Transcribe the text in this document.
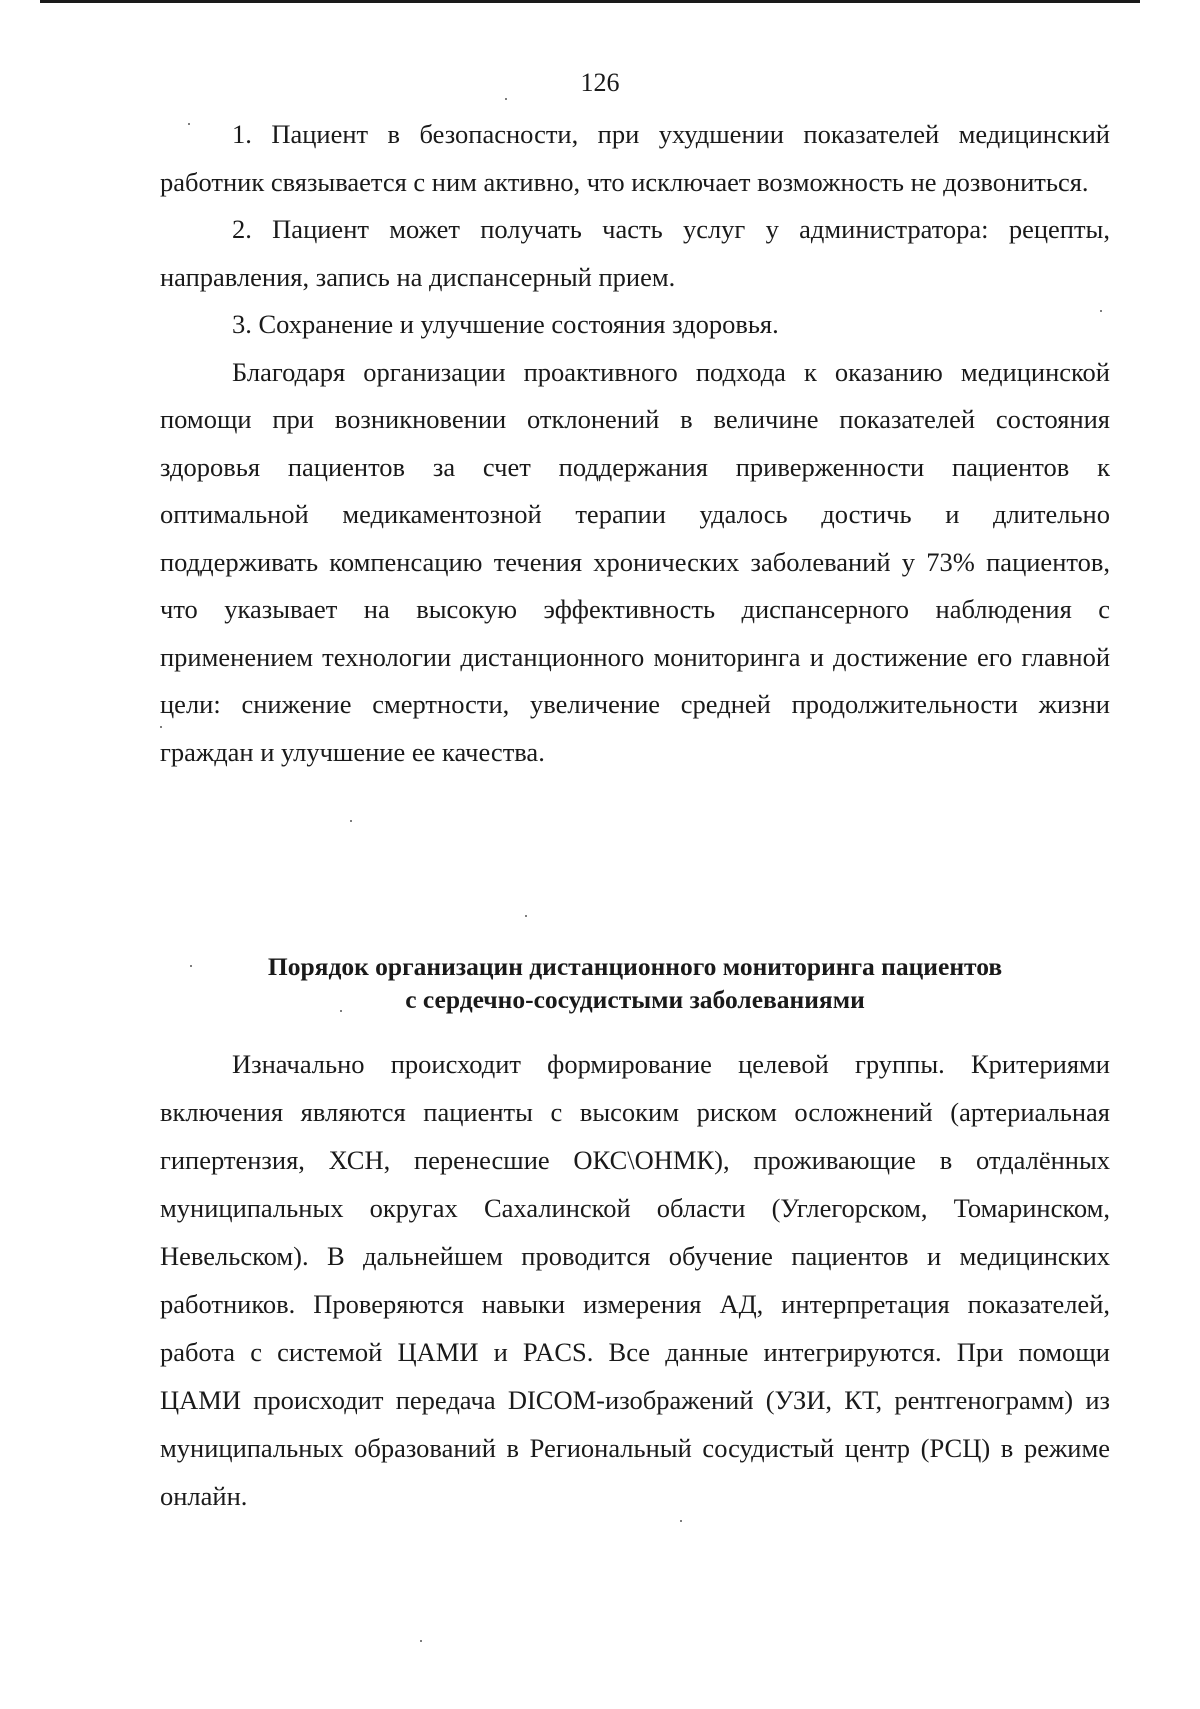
126

1. Пациент в безопасности, при ухудшении показателей медицинский работник связывается с ним активно, что исключает возможность не дозвониться.

2. Пациент может получать часть услуг у администратора: рецепты, направления, запись на диспансерный прием.

3. Сохранение и улучшение состояния здоровья.

Благодаря организации проактивного подхода к оказанию медицинской помощи при возникновении отклонений в величине показателей состояния здоровья пациентов за счет поддержания приверженности пациентов к оптимальной медикаментозной терапии удалось достичь и длительно поддерживать компенсацию течения хронических заболеваний у 73% пациентов, что указывает на высокую эффективность диспансерного наблюдения с применением технологии дистанционного мониторинга и достижение его главной цели: снижение смертности, увеличение средней продолжительности жизни граждан и улучшение ее качества.

Порядок организацин дистанционного мониторинга пациентов
с сердечно-сосудистыми заболеваниями

Изначально происходит формирование целевой группы. Критериями включения являются пациенты с высоким риском осложнений (артериальная гипертензия, ХСН, перенесшие ОКС\ОНМК), проживающие в отдалённых муниципальных округах Сахалинской области (Углегорском, Томаринском, Невельском). В дальнейшем проводится обучение пациентов и медицинских работников. Проверяются навыки измерения АД, интерпретация показателей, работа с системой ЦАМИ и PACS. Все данные интегрируются. При помощи ЦАМИ происходит передача DICOM-изображений (УЗИ, КТ, рентгенограмм) из муниципальных образований в Региональный сосудистый центр (РСЦ) в режиме онлайн.
